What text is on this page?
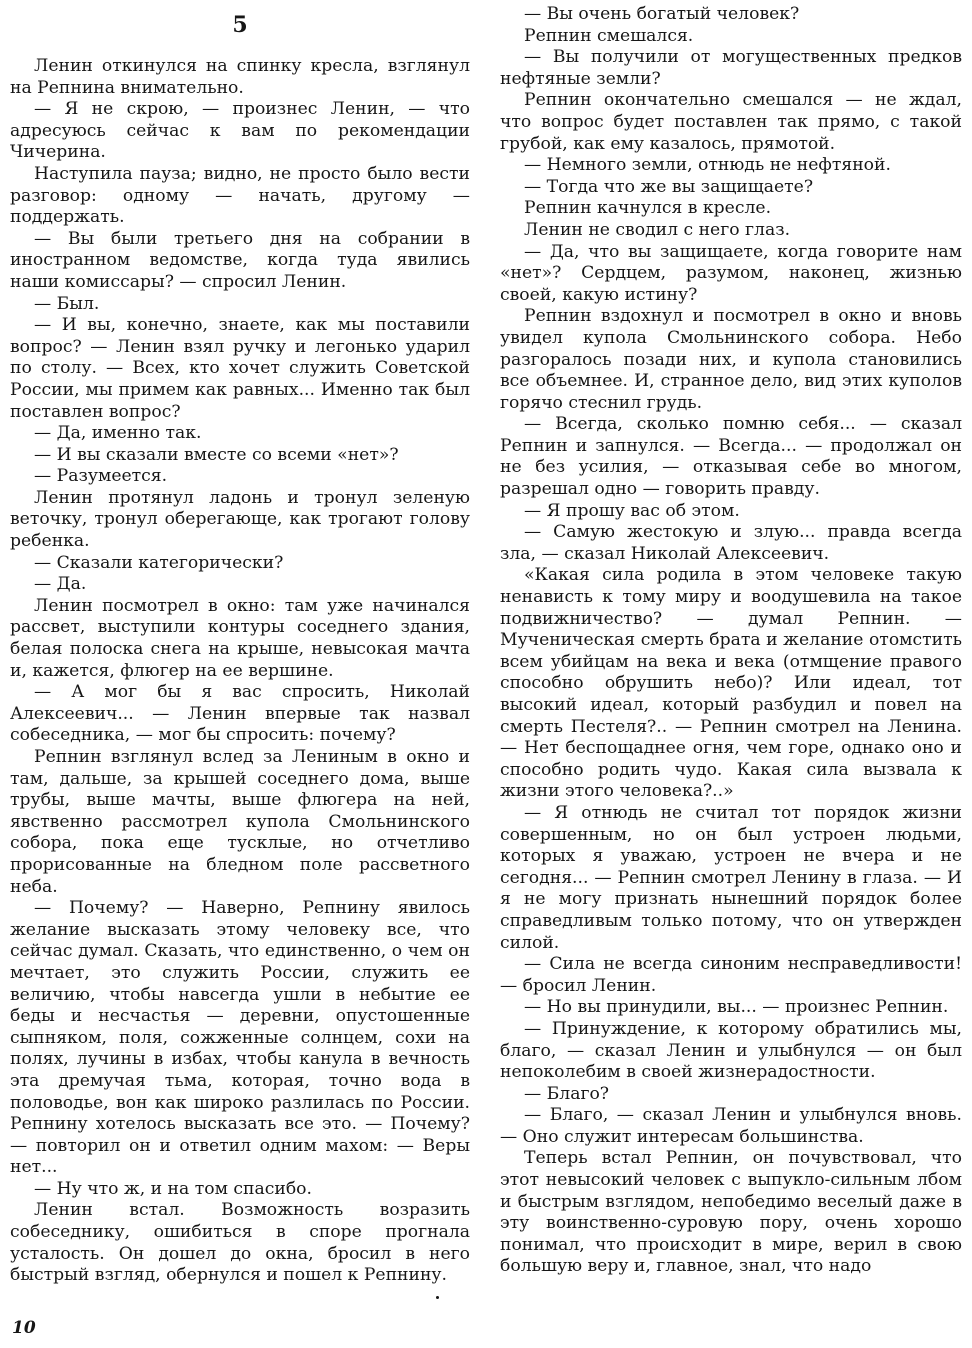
5

Ленин откинулся на спинку кресла, взглянул на Репнина внимательно.

— Я не скрою, — произнес Ленин, — что адресуюсь сейчас к вам по рекомендации Чичерина.

Наступила пауза; видно, не просто было вести разговор: одному — начать, другому — поддержать.

— Вы были третьего дня на собрании в иностранном ведомстве, когда туда явились наши комиссары? — спросил Ленин.

— Был.

— И вы, конечно, знаете, как мы поставили вопрос? — Ленин взял ручку и легонько ударил по столу. — Всех, кто хочет служить Советской России, мы примем как равных... Именно так был поставлен вопрос?

— Да, именно так.

— И вы сказали вместе со всеми «нет»?

— Разумеется.

Ленин протянул ладонь и тронул зеленую веточку, тронул оберегающе, как трогают голову ребенка.

— Сказали категорически?

— Да.

Ленин посмотрел в окно: там уже начинался рассвет, выступили контуры соседнего здания, белая полоска снега на крыше, невысокая мачта и, кажется, флюгер на ее вершине.

— А мог бы я вас спросить, Николай Алексеевич... — Ленин впервые так назвал собеседника, — мог бы спросить: почему?

Репнин взглянул вслед за Лениным в окно и там, дальше, за крышей соседнего дома, выше трубы, выше мачты, выше флюгера на ней, явственно рассмотрел купола Смольнинского собора, пока еще тусклые, но отчетливо прорисованные на бледном поле рассветного неба.

— Почему? — Наверно, Репнину явилось желание высказать этому человеку все, что сейчас думал. Сказать, что единственно, о чем он мечтает, это служить России, служить ее величию, чтобы навсегда ушли в небытие ее беды и несчастья — деревни, опустошенные сыпняком, поля, сожженные солнцем, сохи на полях, лучины в избах, чтобы канула в вечность эта дремучая тьма, которая, точно вода в половодье, вон как широко разлилась по России. Репнину хотелось высказать все это. — Почему? — повторил он и ответил одним махом: — Веры нет...

— Ну что ж, и на том спасибо.

Ленин встал. Возможность возразить собеседнику, ошибиться в споре прогнала усталость. Он дошел до окна, бросил в него быстрый взгляд, обернулся и пошел к Репнину.

— Вы очень богатый человек?

Репнин смешался.

— Вы получили от могущественных предков нефтяные земли?

Репнин окончательно смешался — не ждал, что вопрос будет поставлен так прямо, с такой грубой, как ему казалось, прямотой.

— Немного земли, отнюдь не нефтяной.

— Тогда что же вы защищаете?

Репнин качнулся в кресле.

Ленин не сводил с него глаз.

— Да, что вы защищаете, когда говорите нам «нет»? Сердцем, разумом, наконец, жизнью своей, какую истину?

Репнин вздохнул и посмотрел в окно и вновь увидел купола Смольнинского собора. Небо разгоралось позади них, и купола становились все объемнее. И, странное дело, вид этих куполов горячо стеснил грудь.

— Всегда, сколько помню себя... — сказал Репнин и запнулся. — Всегда... — продолжал он не без усилия, — отказывая себе во многом, разрешал одно — говорить правду.

— Я прошу вас об этом.

— Самую жестокую и злую... правда всегда зла, — сказал Николай Алексеевич.

«Какая сила родила в этом человеке такую ненависть к тому миру и воодушевила на такое подвижничество? — думал Репнин. — Мученическая смерть брата и желание отомстить всем убийцам на века и века (отмщение правого способно обрушить небо)? Или идеал, тот высокий идеал, который разбудил и повел на смерть Пестеля?.. — Репнин смотрел на Ленина. — Нет беспощаднее огня, чем горе, однако оно и способно родить чудо. Какая сила вызвала к жизни этого человека?..»

— Я отнюдь не считал тот порядок жизни совершенным, но он был устроен людьми, которых я уважаю, устроен не вчера и не сегодня... — Репнин смотрел Ленину в глаза. — И я не могу признать нынешний порядок более справедливым только потому, что он утвержден силой.

— Сила не всегда синоним несправедливости! — бросил Ленин.

— Но вы принудили, вы... — произнес Репнин.

— Принуждение, к которому обратились мы, благо, — сказал Ленин и улыбнулся — он был непоколебим в своей жизнерадостности.

— Благо?

— Благо, — сказал Ленин и улыбнулся вновь. — Оно служит интересам большинства.

Теперь встал Репнин, он почувствовал, что этот невысокий человек с выпукло-сильным лбом и быстрым взглядом, непобедимо веселый даже в эту воинственно-суровую пору, очень хорошо понимал, что происходит в мире, верил в свою большую веру и, главное, знал, что надо

10
